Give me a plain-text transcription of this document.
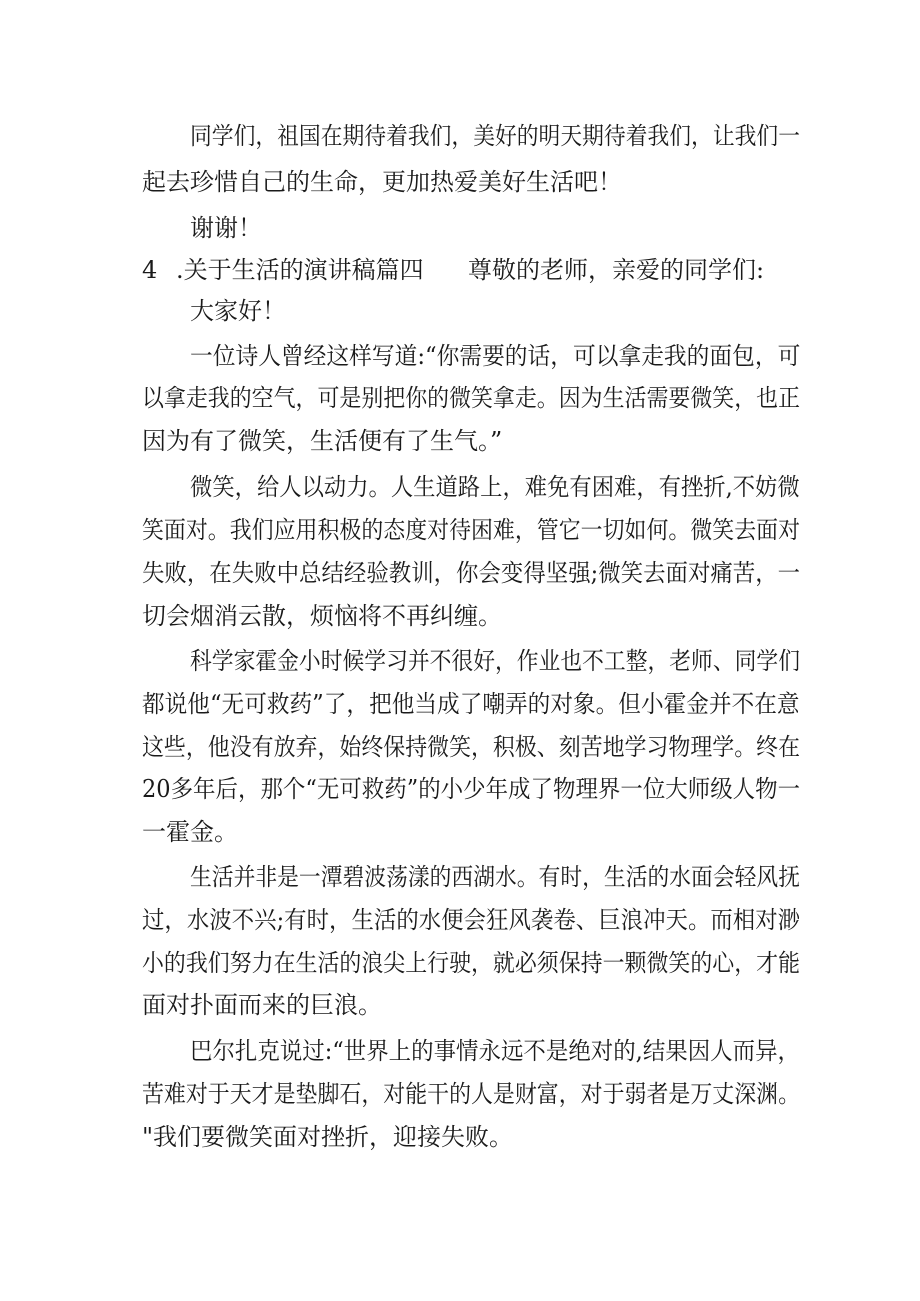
同学们，祖国在期待着我们，美好的明天期待着我们，让我们一
起去珍惜自己的生命，更加热爱美好生活吧！
谢谢！
4 .关于生活的演讲稿篇四 尊敬的老师，亲爱的同学们:
大家好！
一位诗人曾经这样写道:“你需要的话，可以拿走我的面包，可
以拿走我的空气，可是别把你的微笑拿走。因为生活需要微笑，也正
因为有了微笑，生活便有了生气。”
微笑，给人以动力。人生道路上，难免有困难，有挫折,不妨微
笑面对。我们应用积极的态度对待困难，管它一切如何。微笑去面对
失败，在失败中总结经验教训，你会变得坚强;微笑去面对痛苦，一
切会烟消云散，烦恼将不再纠缠。
科学家霍金小时候学习并不很好，作业也不工整，老师、同学们
都说他“无可救药”了，把他当成了嘲弄的对象。但小霍金并不在意
这些，他没有放弃，始终保持微笑，积极、刻苦地学习物理学。终在
20多年后，那个“无可救药”的小少年成了物理界一位大师级人物一
一霍金。
生活并非是一潭碧波荡漾的西湖水。有时，生活的水面会轻风抚
过，水波不兴;有时，生活的水便会狂风袭卷、巨浪冲天。而相对渺
小的我们努力在生活的浪尖上行驶，就必须保持一颗微笑的心，才能
面对扑面而来的巨浪。
巴尔扎克说过:“世界上的事情永远不是绝对的,结果因人而异，
苦难对于天才是垫脚石，对能干的人是财富，对于弱者是万丈深渊。
"我们要微笑面对挫折，迎接失败。
